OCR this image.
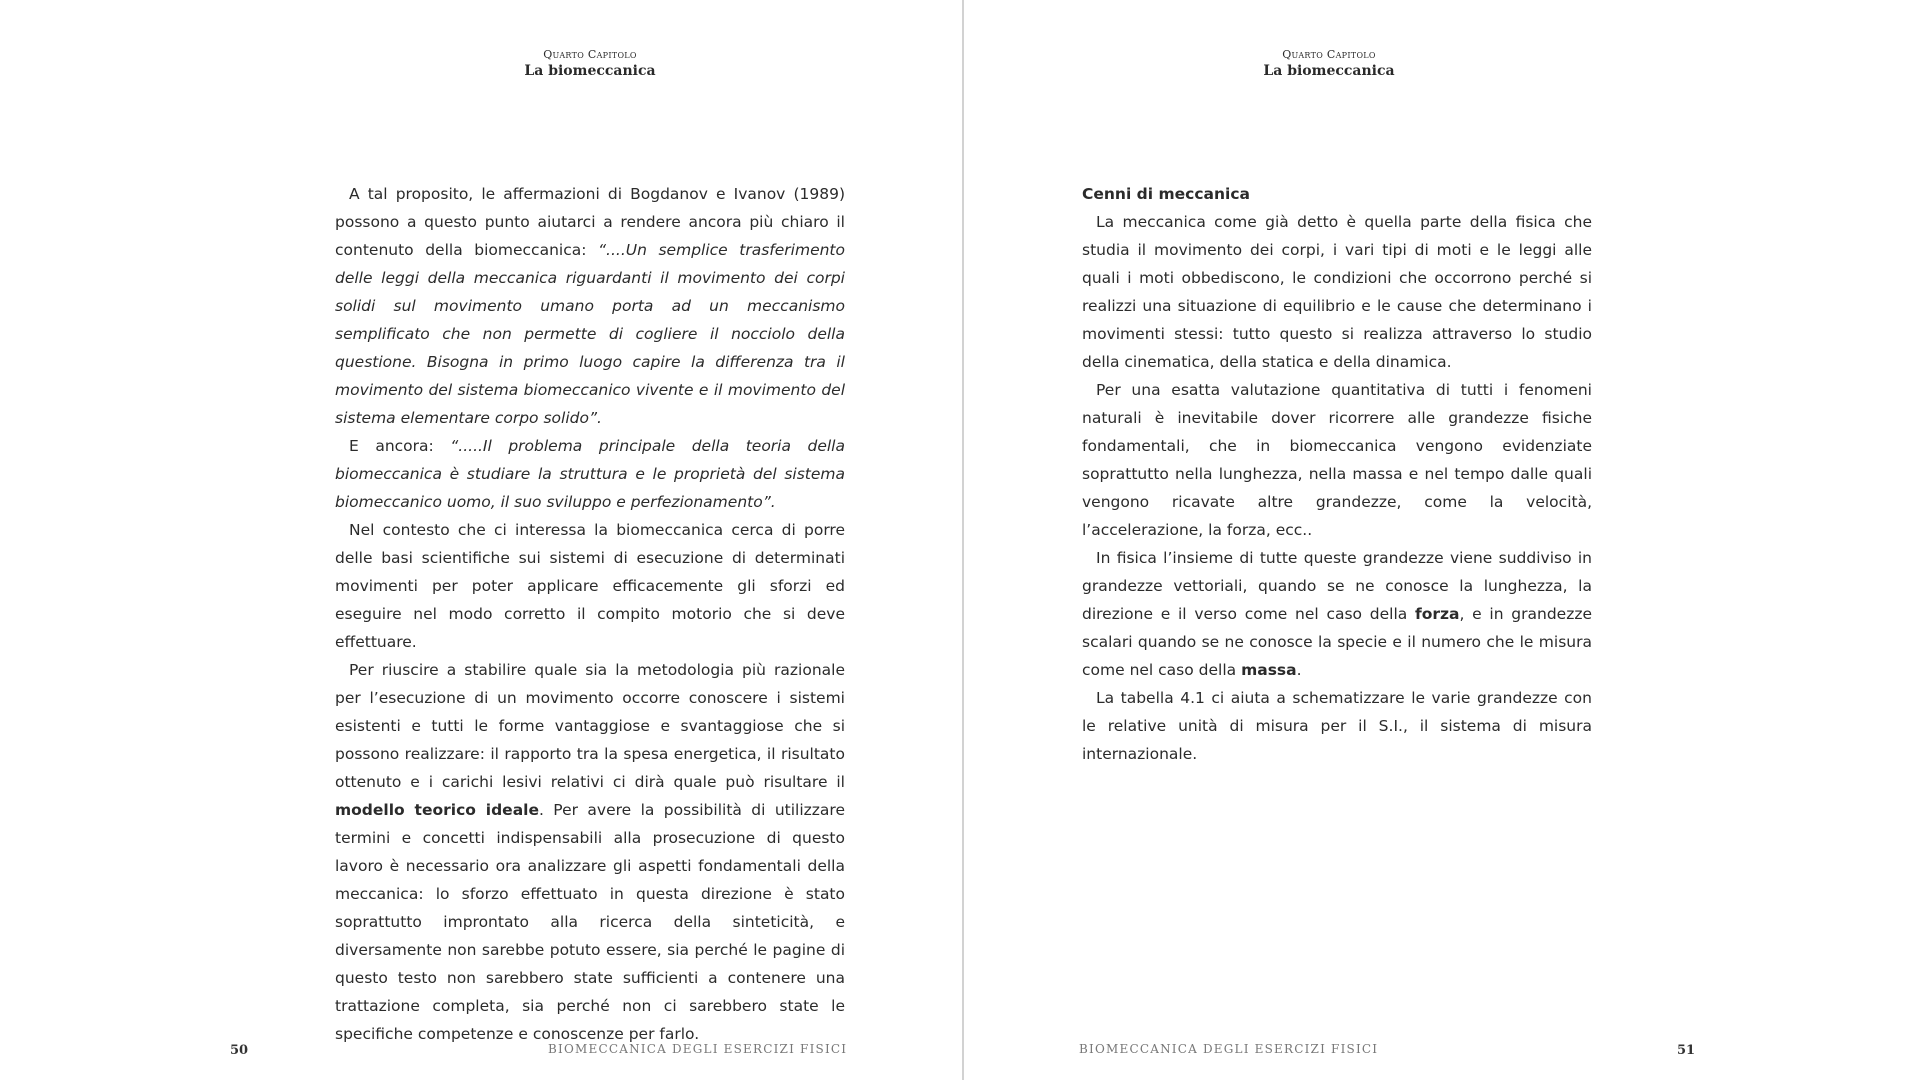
Quarto Capitolo
La biomeccanica

A tal proposito, le affermazioni di Bogdanov e Ivanov (1989) possono a questo punto aiutarci a rendere ancora più chiaro il contenuto della biomeccanica: “....Un semplice trasferimento delle leggi della meccanica riguardanti il movimento dei corpi solidi sul movimento umano porta ad un meccanismo semplificato che non permette di cogliere il nocciolo della questione. Bisogna in primo luogo capire la differenza tra il movimento del sistema biomeccanico vivente e il movimento del sistema elementare corpo solido”.

E ancora: “.....Il problema principale della teoria della biomeccanica è studiare la struttura e le proprietà del sistema biomeccanico uomo, il suo sviluppo e perfezionamento”.

Nel contesto che ci interessa la biomeccanica cerca di porre delle basi scientifiche sui sistemi di esecuzione di determinati movimenti per poter applicare efficacemente gli sforzi ed eseguire nel modo corretto il compito motorio che si deve effettuare.

Per riuscire a stabilire quale sia la metodologia più razionale per l’esecuzione di un movimento occorre conoscere i sistemi esistenti e tutti le forme vantaggiose e svantaggiose che si possono realizzare: il rapporto tra la spesa energetica, il risultato ottenuto e i carichi lesivi relativi ci dirà quale può risultare il modello teorico ideale. Per avere la possibilità di utilizzare termini e concetti indispensabili alla prosecuzione di questo lavoro è necessario ora analizzare gli aspetti fondamentali della meccanica: lo sforzo effettuato in questa direzione è stato soprattutto improntato alla ricerca della sinteticità, e diversamente non sarebbe potuto essere, sia perché le pagine di questo testo non sarebbero state sufficienti a contenere una trattazione completa, sia perché non ci sarebbero state le specifiche competenze e conoscenze per farlo.

50	BIOMECCANICA DEGLI ESERCIZI FISICI
Quarto Capitolo
La biomeccanica
Cenni di meccanica

La meccanica come già detto è quella parte della fisica che studia il movimento dei corpi, i vari tipi di moti e le leggi alle quali i moti obbediscono, le condizioni che occorrono perché si realizzi una situazione di equilibrio e le cause che determinano i movimenti stessi: tutto questo si realizza attraverso lo studio della cinematica, della statica e della dinamica.

Per una esatta valutazione quantitativa di tutti i fenomeni naturali è inevitabile dover ricorrere alle grandezze fisiche fondamentali, che in biomeccanica vengono evidenziate soprattutto nella lunghezza, nella massa e nel tempo dalle quali vengono ricavate altre grandezze, come la velocità, l’accelerazione, la forza, ecc..

In fisica l’insieme di tutte queste grandezze viene suddiviso in grandezze vettoriali, quando se ne conosce la lunghezza, la direzione e il verso come nel caso della forza, e in grandezze scalari quando se ne conosce la specie e il numero che le misura come nel caso della massa.

La tabella 4.1 ci aiuta a schematizzare le varie grandezze con le relative unità di misura per il S.I., il sistema di misura internazionale.

BIOMECCANICA DEGLI ESERCIZI FISICI	51
